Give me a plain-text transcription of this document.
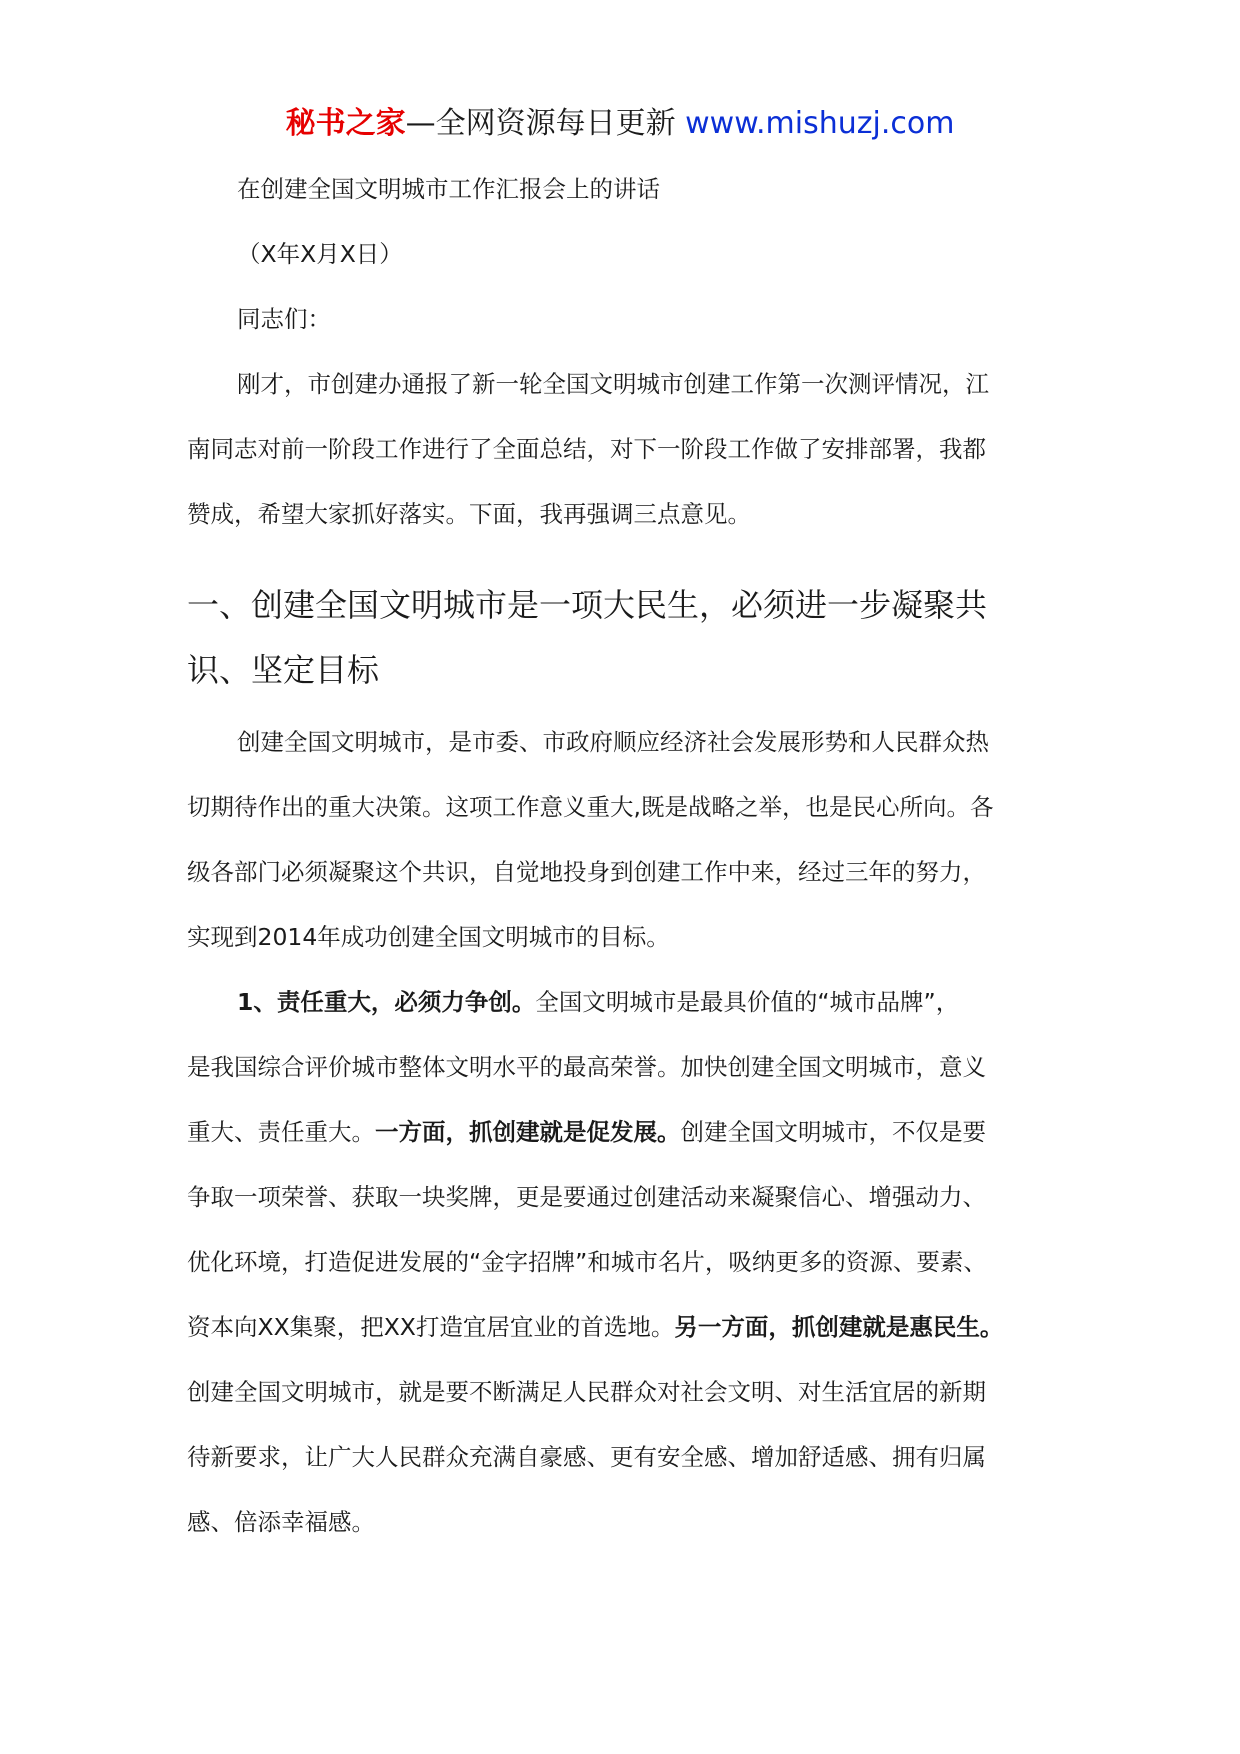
秘书之家—全网资源每日更新 www.mishuzj.com

在创建全国文明城市工作汇报会上的讲话

（X年X月X日）

同志们：

刚才，市创建办通报了新一轮全国文明城市创建工作第一次测评情况，江

南同志对前一阶段工作进行了全面总结，对下一阶段工作做了安排部署，我都

赞成，希望大家抓好落实。下面，我再强调三点意见。

一、创建全国文明城市是一项大民生，必须进一步凝聚共

识、坚定目标

创建全国文明城市，是市委、市政府顺应经济社会发展形势和人民群众热

切期待作出的重大决策。这项工作意义重大,既是战略之举，也是民心所向。各

级各部门必须凝聚这个共识，自觉地投身到创建工作中来，经过三年的努力，

实现到2014年成功创建全国文明城市的目标。

1、责任重大，必须力争创。全国文明城市是最具价值的“城市品牌”，

是我国综合评价城市整体文明水平的最高荣誉。加快创建全国文明城市，意义

重大、责任重大。一方面，抓创建就是促发展。创建全国文明城市，不仅是要

争取一项荣誉、获取一块奖牌，更是要通过创建活动来凝聚信心、增强动力、

优化环境，打造促进发展的“金字招牌”和城市名片，吸纳更多的资源、要素、

资本向XX集聚，把XX打造宜居宜业的首选地。另一方面，抓创建就是惠民生。

创建全国文明城市，就是要不断满足人民群众对社会文明、对生活宜居的新期

待新要求，让广大人民群众充满自豪感、更有安全感、增加舒适感、拥有归属

感、倍添幸福感。
